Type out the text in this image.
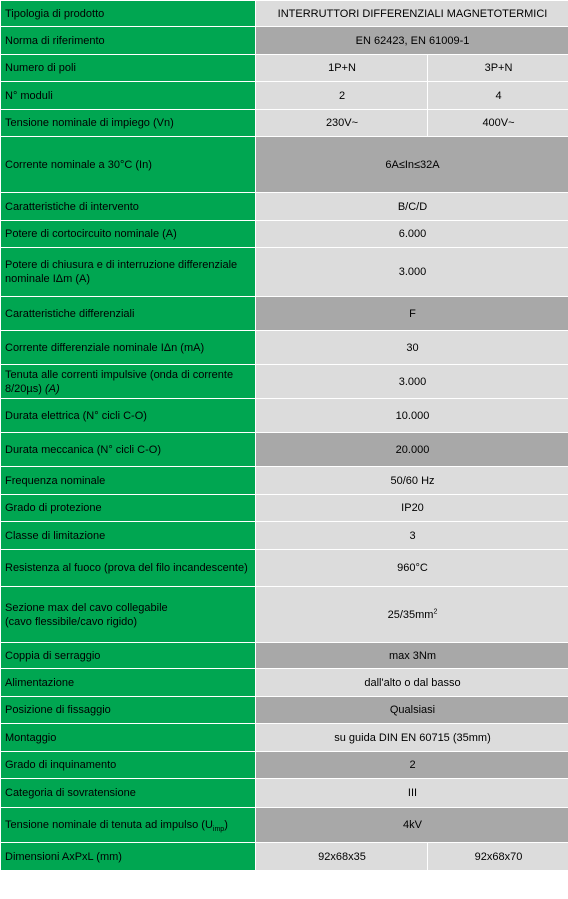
Tipologia di prodotto	INTERRUTTORI DIFFERENZIALI MAGNETOTERMICI	
Norma di riferimento	EN 62423, EN 61009-1	
Numero di poli	1P+N	3P+N
N° moduli	2	4
Tensione nominale di impiego (Vn)	230V~	400V~
Corrente nominale a 30°C (In)	6A≤In≤32A	
Caratteristiche di intervento	B/C/D	
Potere di cortocircuito nominale (A)	6.000	
Potere di chiusura e di interruzione differenziale nominale IΔm (A)	3.000	
Caratteristiche differenziali	F	
Corrente differenziale nominale IΔn (mA)	30	
Tenuta alle correnti impulsive (onda di corrente 8/20µs) (A)	3.000	
Durata elettrica (N° cicli C-O)	10.000	
Durata meccanica (N° cicli C-O)	20.000	
Frequenza nominale	50/60 Hz	
Grado di protezione	IP20	
Classe di limitazione	3	
Resistenza al fuoco (prova del filo incandescente)	960°C	
Sezione max del cavo collegabile
(cavo flessibile/cavo rigido)	$25/35mm^2$
Coppia di serraggio	max 3Nm	
Alimentazione	dall'alto o dal basso	
Posizione di fissaggio	Qualsiasi	
Montaggio	su guida DIN EN 60715 (35mm)	
Grado di inquinamento	2	
Categoria di sovratensione	III	
Tensione nominale di tenuta ad impulso $(U_{imp})$	4kV	
Dimensioni AxPxL (mm)	92x68x35	92x68x70
